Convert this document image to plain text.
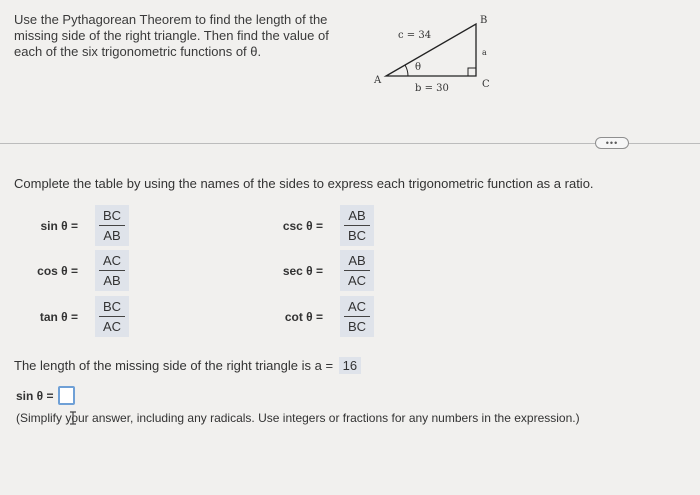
Use the Pythagorean Theorem to find the length of the
missing side of the right triangle. Then find the value of
each of the six trigonometric functions of θ.
A
B
C
θ
c = 34
b = 30
a
•••
Complete the table by using the names of the sides to express each trigonometric function as a ratio.
sin θ =
BC
AB
cos θ =
AC
AB
tan θ =
BC
AC
csc θ =
AB
BC
sec θ =
AB
AC
cot θ =
AC
BC
The length of the missing side of the right triangle is a = 16
sin θ =
(Simplify your answer, including any radicals. Use integers or fractions for any numbers in the expression.)
